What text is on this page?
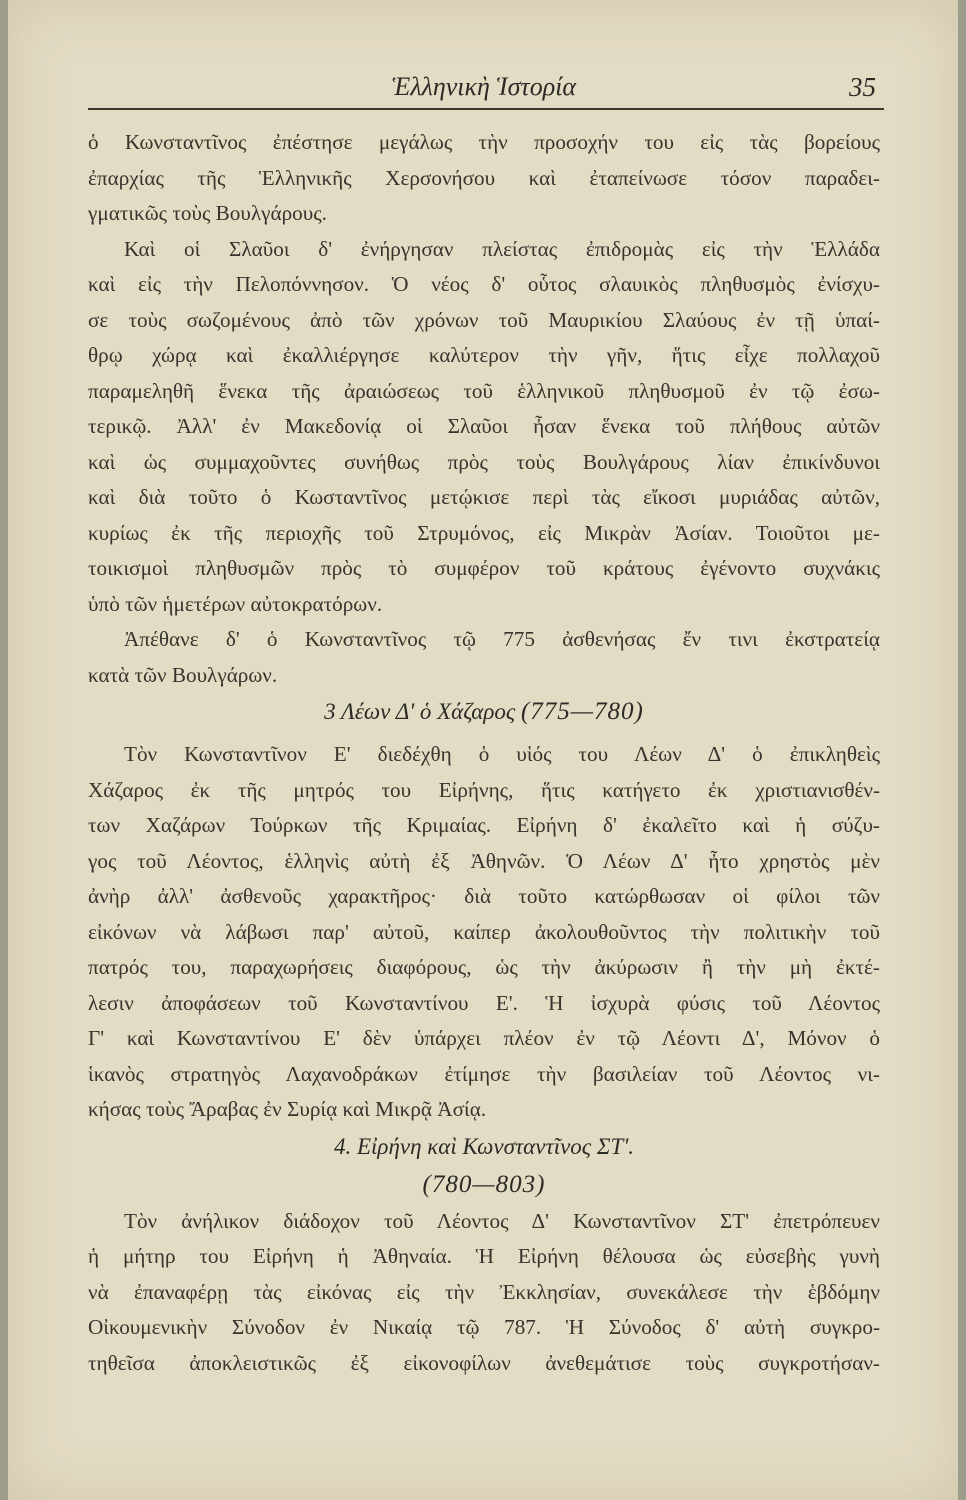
Ἑλληνικὴ Ἱστορία	35
ὁ Κωνσταντῖνος ἐπέστησε μεγάλως τὴν προσοχήν του εἰς τὰς βορείους
ἐπαρχίας τῆς Ἑλληνικῆς Χερσονήσου καὶ ἐταπείνωσε τόσον παραδει-
γματικῶς τοὺς Βουλγάρους.
Καὶ οἱ Σλαῦοι δ' ἐνήργησαν πλείστας ἐπιδρομὰς εἰς τὴν Ἑλλάδα
καὶ εἰς τὴν Πελοπόννησον. Ὁ νέος δ' οὗτος σλαυικὸς πληθυσμὸς ἐνίσχυ-
σε τοὺς σωζομένους ἀπὸ τῶν χρόνων τοῦ Μαυρικίου Σλαύους ἐν τῇ ὑπαί-
θρῳ χώρᾳ καὶ ἐκαλλιέργησε καλύτερον τὴν γῆν, ἥτις εἶχε πολλαχοῦ
παραμεληθῆ ἕνεκα τῆς ἀραιώσεως τοῦ ἑλληνικοῦ πληθυσμοῦ ἐν τῷ ἐσω-
τερικῷ. Ἀλλ' ἐν Μακεδονίᾳ οἱ Σλαῦοι ἦσαν ἕνεκα τοῦ πλήθους αὐτῶν
καὶ ὡς συμμαχοῦντες συνήθως πρὸς τοὺς Βουλγάρους λίαν ἐπικίνδυνοι
καὶ διὰ τοῦτο ὁ Κωσταντῖνος μετῴκισε περὶ τὰς εἴκοσι μυριάδας αὐτῶν,
κυρίως ἐκ τῆς περιοχῆς τοῦ Στρυμόνος, εἰς Μικρὰν Ἀσίαν. Τοιοῦτοι με-
τοικισμοὶ πληθυσμῶν πρὸς τὸ συμφέρον τοῦ κράτους ἐγένοντο συχνάκις
ὑπὸ τῶν ἡμετέρων αὐτοκρατόρων.
Ἀπέθανε δ' ὁ Κωνσταντῖνος τῷ 775 ἀσθενήσας ἔν τινι ἐκστρατείᾳ
κατὰ τῶν Βουλγάρων.
3 Λέων Δ' ὁ Χάζαρος (775—780)
Τὸν Κωνσταντῖνον Ε' διεδέχθη ὁ υἱός του Λέων Δ' ὁ ἐπικληθεὶς
Χάζαρος ἐκ τῆς μητρός του Εἰρήνης, ἥτις κατήγετο ἐκ χριστιανισθέν-
των Χαζάρων Τούρκων τῆς Κριμαίας. Εἰρήνη δ' ἐκαλεῖτο καὶ ἡ σύζυ-
γος τοῦ Λέοντος, ἑλληνὶς αὐτὴ ἐξ Ἀθηνῶν. Ὁ Λέων Δ' ἦτο χρηστὸς μὲν
ἀνὴρ ἀλλ' ἀσθενοῦς χαρακτῆρος· διὰ τοῦτο κατώρθωσαν οἱ φίλοι τῶν
εἰκόνων νὰ λάβωσι παρ' αὐτοῦ, καίπερ ἀκολουθοῦντος τὴν πολιτικὴν τοῦ
πατρός του, παραχωρήσεις διαφόρους, ὡς τὴν ἀκύρωσιν ἢ τὴν μὴ ἐκτέ-
λεσιν ἀποφάσεων τοῦ Κωνσταντίνου Ε'. Ἡ ἰσχυρὰ φύσις τοῦ Λέοντος
Γ' καὶ Κωνσταντίνου Ε' δὲν ὑπάρχει πλέον ἐν τῷ Λέοντι Δ', Μόνον ὁ
ἱκανὸς στρατηγὸς Λαχανοδράκων ἐτίμησε τὴν βασιλείαν τοῦ Λέοντος νι-
κήσας τοὺς Ἄραβας ἐν Συρίᾳ καὶ Μικρᾷ Ἀσίᾳ.
4. Εἰρήνη καὶ Κωνσταντῖνος ΣΤ'.
(780—803)
Τὸν ἀνήλικον διάδοχον τοῦ Λέοντος Δ' Κωνσταντῖνον ΣΤ' ἐπετρόπευεν
ἡ μήτηρ του Εἰρήνη ἡ Ἀθηναία. Ἡ Εἰρήνη θέλουσα ὡς εὐσεβὴς γυνὴ
νὰ ἐπαναφέρῃ τὰς εἰκόνας εἰς τὴν Ἐκκλησίαν, συνεκάλεσε τὴν ἑβδόμην
Οἰκουμενικὴν Σύνοδον ἐν Νικαίᾳ τῷ 787. Ἡ Σύνοδος δ' αὐτὴ συγκρο-
τηθεῖσα ἀποκλειστικῶς ἐξ εἰκονοφίλων ἀνεθεμάτισε τοὺς συγκροτήσαν-
